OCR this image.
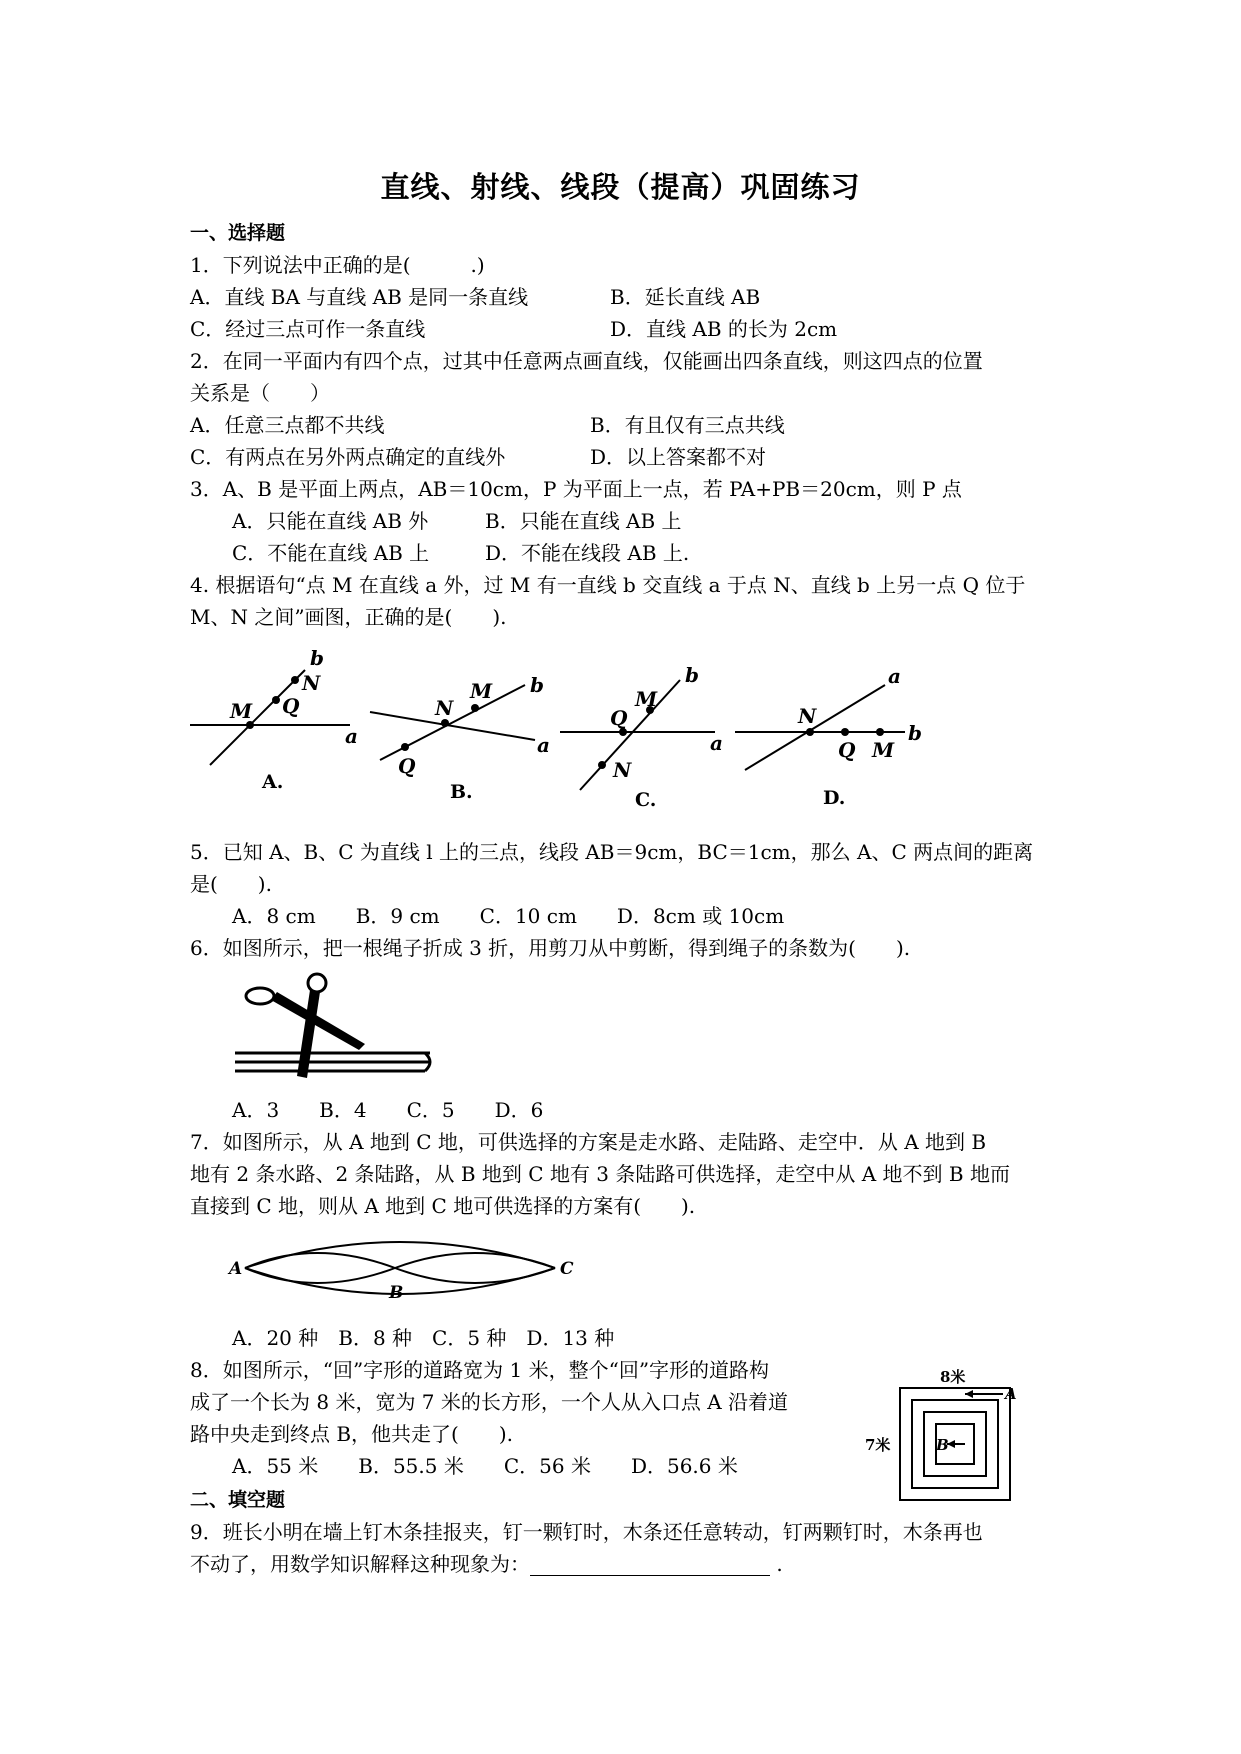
直线、射线、线段（提高）巩固练习
一、选择题
1．下列说法中正确的是(　　　.)
A．直线 BA 与直线 AB 是同一条直线	B．延长直线 AB
C．经过三点可作一条直线	D．直线 AB 的长为 2cm
2．在同一平面内有四个点，过其中任意两点画直线，仅能画出四条直线，则这四点的位置
关系是（　　）
A．任意三点都不共线	B．有且仅有三点共线
C．有两点在另外两点确定的直线外	D．以上答案都不对
3．A、B 是平面上两点，AB＝10cm，P 为平面上一点，若 PA+PB＝20cm，则 P 点
A．只能在直线 AB 外	B．只能在直线 AB 上
C．不能在直线 AB 上	D．不能在线段 AB 上.
4. 根据语句“点 M 在直线 a 外，过 M 有一直线 b 交直线 a 于点 N、直线 b 上另一点 Q 位于
M、N 之间”画图，正确的是(　　).
b
N
Q
M
a
b
M
N
a
Q
b
M
Q
a
N
a
N
Q M
b
A.	B.	C.	D.
5．已知 A、B、C 为直线 l 上的三点，线段 AB＝9cm，BC＝1cm，那么 A、C 两点间的距离
是(　　).
A．8 cm　　B．9 cm　　C．10 cm　　D．8cm 或 10cm
6．如图所示，把一根绳子折成 3 折，用剪刀从中剪断，得到绳子的条数为(　　).
A．3　　B．4　　C．5　　D．6
7．如图所示，从 A 地到 C 地，可供选择的方案是走水路、走陆路、走空中．从 A 地到 B
地有 2 条水路、2 条陆路，从 B 地到 C 地有 3 条陆路可供选择，走空中从 A 地不到 B 地而
直接到 C 地，则从 A 地到 C 地可供选择的方案有(　　).
A
B
C
A．20 种　B．8 种　C．5 种　D．13 种
8．如图所示，“回”字形的道路宽为 1 米，整个“回”字形的道路构
成了一个长为 8 米，宽为 7 米的长方形，一个人从入口点 A 沿着道
路中央走到终点 B，他共走了(　　).
A．55 米　　B．55.5 米　　C．56 米　　D．56.6 米
8米
7米
A
B
二、填空题
9．班长小明在墙上钉木条挂报夹，钉一颗钉时，木条还任意转动，钉两颗钉时，木条再也
不动了，用数学知识解释这种现象为：	.
